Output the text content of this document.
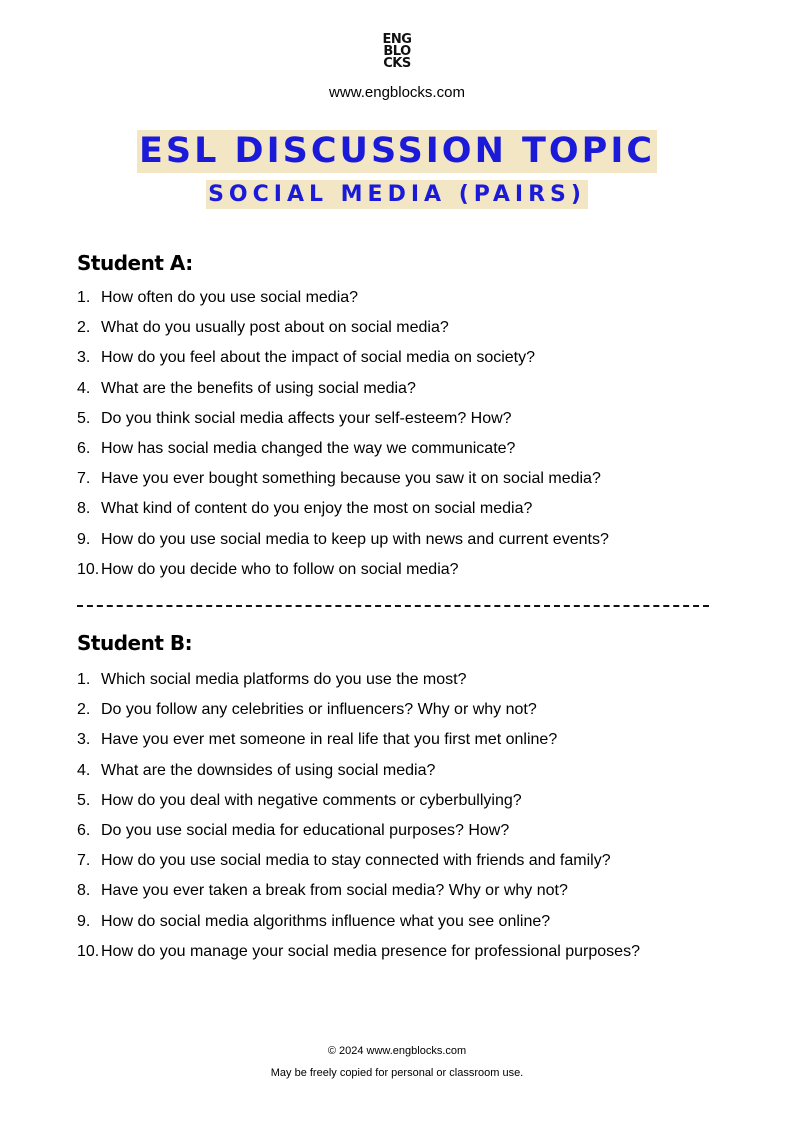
ENG
BLO
CKS
www.engblocks.com
ESL DISCUSSION TOPIC
SOCIAL MEDIA (PAIRS)
Student A:
1. How often do you use social media?
2. What do you usually post about on social media?
3. How do you feel about the impact of social media on society?
4. What are the benefits of using social media?
5. Do you think social media affects your self-esteem? How?
6. How has social media changed the way we communicate?
7. Have you ever bought something because you saw it on social media?
8. What kind of content do you enjoy the most on social media?
9. How do you use social media to keep up with news and current events?
10. How do you decide who to follow on social media?
Student B:
1. Which social media platforms do you use the most?
2. Do you follow any celebrities or influencers? Why or why not?
3. Have you ever met someone in real life that you first met online?
4. What are the downsides of using social media?
5. How do you deal with negative comments or cyberbullying?
6. Do you use social media for educational purposes? How?
7. How do you use social media to stay connected with friends and family?
8. Have you ever taken a break from social media? Why or why not?
9. How do social media algorithms influence what you see online?
10. How do you manage your social media presence for professional purposes?
© 2024 www.engblocks.com
May be freely copied for personal or classroom use.
